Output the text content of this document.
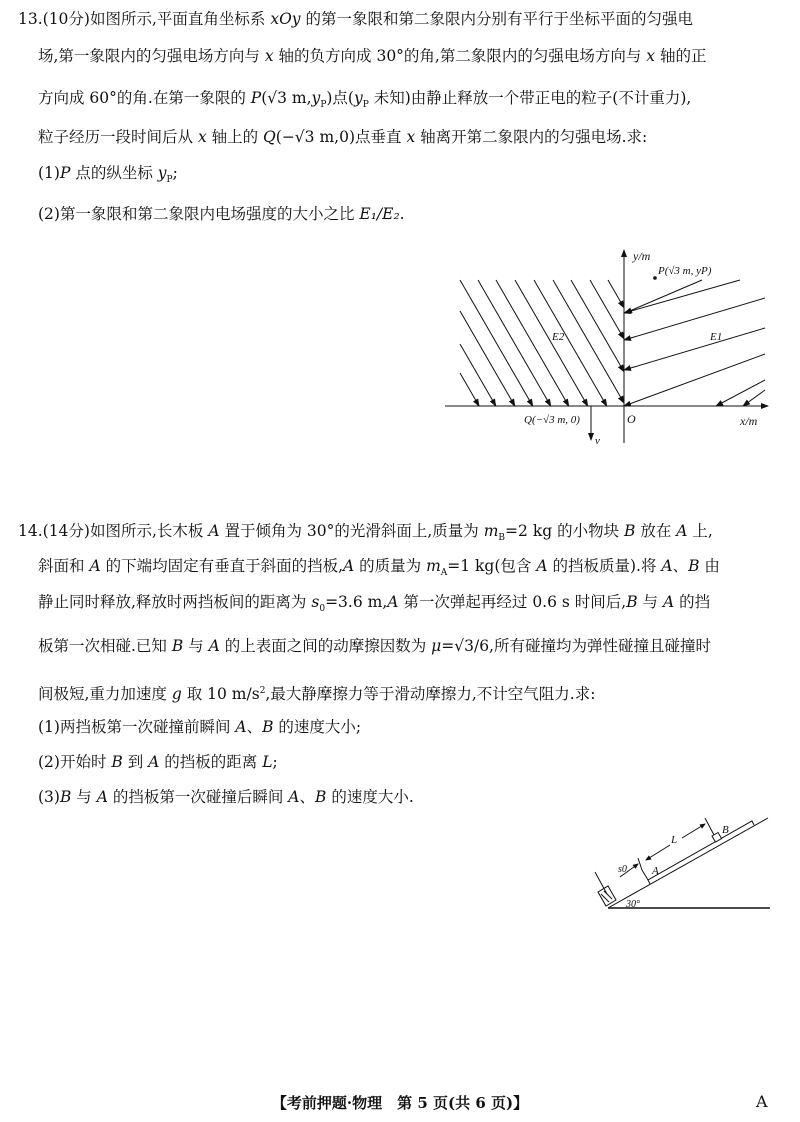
13.(10分)如图所示,平面直角坐标系 xOy 的第一象限和第二象限内分别有平行于坐标平面的匀强电
场,第一象限内的匀强电场方向与 x 轴的负方向成 30°的角,第二象限内的匀强电场方向与 x 轴的正
方向成 60°的角.在第一象限的 P(√3 $m,y_P$)点($y_P$ 未知)由静止释放一个带正电的粒子(不计重力),
粒子经历一段时间后从 x 轴上的 Q(−√3 m,0)点垂直 x 轴离开第二象限内的匀强电场.求:
(1)P 点的纵坐标 $y_P$;
(2)第一象限和第二象限内电场强度的大小之比 E₁/E₂.
y/m
x/m
O
P(√3 m, yP)
Q(−√3 m, 0)
E1
E2
v
14.(14分)如图所示,长木板 A 置于倾角为 30°的光滑斜面上,质量为 $m_B=2$ kg 的小物块 B 放在 A 上,
斜面和 A 的下端均固定有垂直于斜面的挡板,A 的质量为 $m_A=1$ kg(包含 A 的挡板质量).将 A、B 由
静止同时释放,释放时两挡板间的距离为 $s_0=3.6$ m,A 第一次弹起再经过 0.6 s 时间后,B 与 A 的挡
板第一次相碰.已知 B 与 A 的上表面之间的动摩擦因数为 μ=√3/6,所有碰撞均为弹性碰撞且碰撞时
间极短,重力加速度 g 取 10 $m/s^2$,最大静摩擦力等于滑动摩擦力,不计空气阻力.求:
(1)两挡板第一次碰撞前瞬间 A、B 的速度大小;
(2)开始时 B 到 A 的挡板的距离 L;
(3)B 与 A 的挡板第一次碰撞后瞬间 A、B 的速度大小.
s0
L
A
B
30°
【考前押题·物理　第 5 页(共 6 页)】	A
